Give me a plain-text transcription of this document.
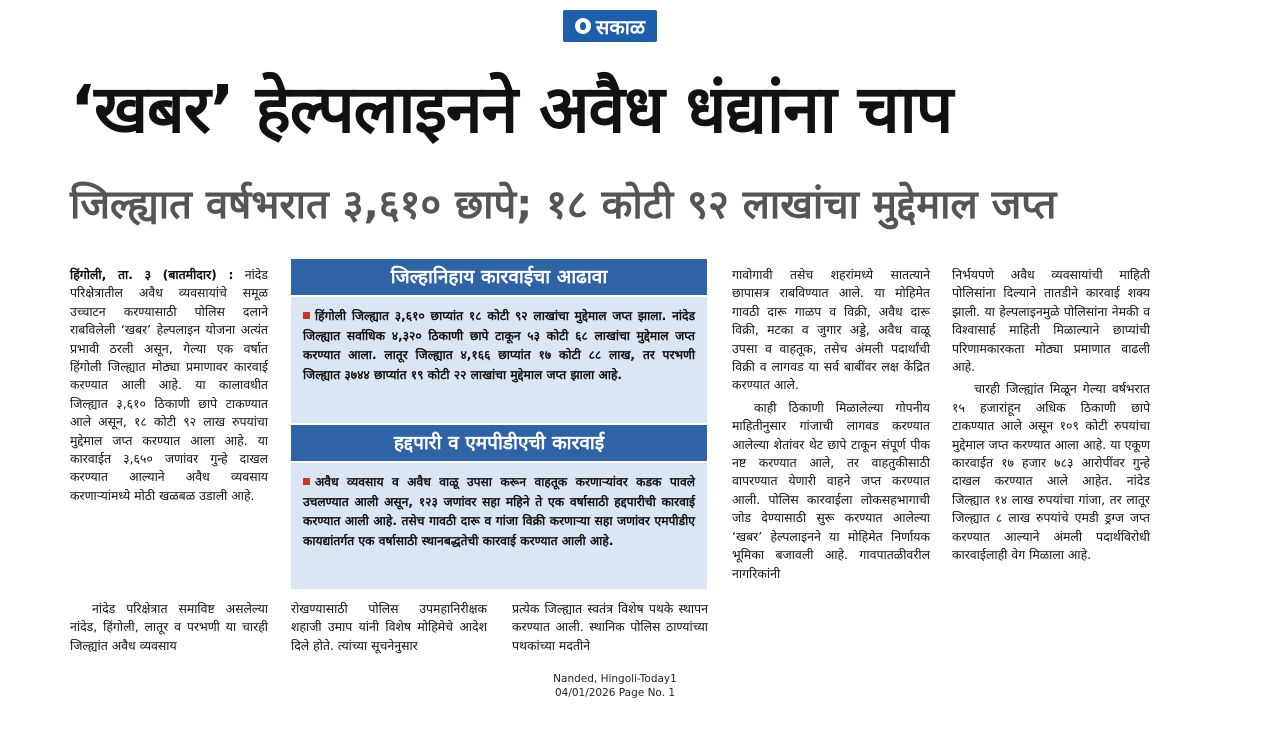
सकाळ
‘खबर’ हेल्पलाइनने अवैध धंद्यांना चाप
जिल्ह्यात वर्षभरात ३,६१० छापे; १८ कोटी ९२ लाखांचा मुद्देमाल जप्त

हिंगोली, ता. ३ (बातमीदार) : नांदेड परिक्षेत्रातील अवैध व्यवसायांचे समूळ उच्चाटन करण्यासाठी पोलिस दलाने राबविलेली ‘खबर’ हेल्पलाइन योजना अत्यंत प्रभावी ठरली असून, गेल्या एक वर्षात हिंगोली जिल्ह्यात मोठ्या प्रमाणावर कारवाई करण्यात आली आहे. या कालावधीत जिल्ह्यात ३,६१० ठिकाणी छापे टाकण्यात आले असून, १८ कोटी ९२ लाख रुपयांचा मुद्देमाल जप्त करण्यात आला आहे. या कारवाईत ३,६५० जणांवर गुन्हे दाखल करण्यात आल्याने अवैध व्यवसाय करणाऱ्यांमध्ये मोठी खळबळ उडाली आहे.

नांदेड परिक्षेत्रात समाविष्ट असलेल्या नांदेड, हिंगोली, लातूर व परभणी या चारही जिल्ह्यांत अवैध व्यवसाय

रोखण्यासाठी पोलिस उपमहानिरीक्षक शहाजी उमाप यांनी विशेष मोहिमेचे आदेश दिले होते. त्यांच्या सूचनेनुसार

प्रत्येक जिल्ह्यात स्वतंत्र विशेष पथके स्थापन करण्यात आली. स्थानिक पोलिस ठाण्यांच्या पथकांच्या मदतीने

गावोगावी तसेच शहरांमध्ये सातत्याने छापासत्र राबविण्यात आले. या मोहिमेत गावठी दारू गाळप व विक्री, अवैध दारू विक्री, मटका व जुगार अड्डे, अवैध वाळू उपसा व वाहतूक, तसेच अंमली पदार्थांची विक्री व लागवड या सर्व बाबींवर लक्ष केंद्रित करण्यात आले.

काही ठिकाणी मिळालेल्या गोपनीय माहितीनुसार गांजाची लागवड करण्यात आलेल्या शेतांवर थेट छापे टाकून संपूर्ण पीक नष्ट करण्यात आले, तर वाहतुकीसाठी वापरण्यात येणारी वाहने जप्त करण्यात आली. पोलिस कारवाईला लोकसहभागाची जोड देण्यासाठी सुरू करण्यात आलेल्या ‘खबर’ हेल्पलाइनने या मोहिमेत निर्णायक भूमिका बजावली आहे. गावपातळीवरील नागरिकांनी

निर्भयपणे अवैध व्यवसायांची माहिती पोलिसांना दिल्याने तातडीने कारवाई शक्य झाली. या हेल्पलाइनमुळे पोलिसांना नेमकी व विश्वासार्ह माहिती मिळाल्याने छाप्यांची परिणामकारकता मोठ्या प्रमाणात वाढली आहे.

चारही जिल्ह्यांत मिळून गेल्या वर्षभरात १५ हजारांहून अधिक ठिकाणी छापे टाकण्यात आले असून १०९ कोटी रुपयांचा मुद्देमाल जप्त करण्यात आला आहे. या एकूण कारवाईत १७ हजार ७८३ आरोपींवर गुन्हे दाखल करण्यात आले आहेत. नांदेड जिल्ह्यात १४ लाख रुपयांचा गांजा, तर लातूर जिल्ह्यात ८ लाख रुपयांचे एमडी ड्रग्ज जप्त करण्यात आल्याने अंमली पदार्थविरोधी कारवाईलाही वेग मिळाला आहे.

जिल्हानिहाय कारवाईचा आढावा
हिंगोली जिल्ह्यात ३,६१० छाप्यांत १८ कोटी ९२ लाखांचा मुद्देमाल जप्त झाला. नांदेड जिल्ह्यात सर्वाधिक ४,३२० ठिकाणी छापे टाकून ५३ कोटी ६८ लाखांचा मुद्देमाल जप्त करण्यात आला. लातूर जिल्ह्यात ४,१६६ छाप्यांत १७ कोटी ८८ लाख, तर परभणी जिल्ह्यात ३७४४ छाप्यांत १९ कोटी २२ लाखांचा मुद्देमाल जप्त झाला आहे.
हद्दपारी व एमपीडीएची कारवाई
अवैध व्यवसाय व अवैध वाळू उपसा करून वाहतूक करणाऱ्यांवर कडक पावले उचलण्यात आली असून, १२३ जणांवर सहा महिने ते एक वर्षासाठी हद्दपारीची कारवाई करण्यात आली आहे. तसेच गावठी दारू व गांजा विक्री करणाऱ्या सहा जणांवर एमपीडीए कायद्यांतर्गत एक वर्षासाठी स्थानबद्धतेची कारवाई करण्यात आली आहे.
Nanded, Hingoli-Today1
04/01/2026 Page No. 1
